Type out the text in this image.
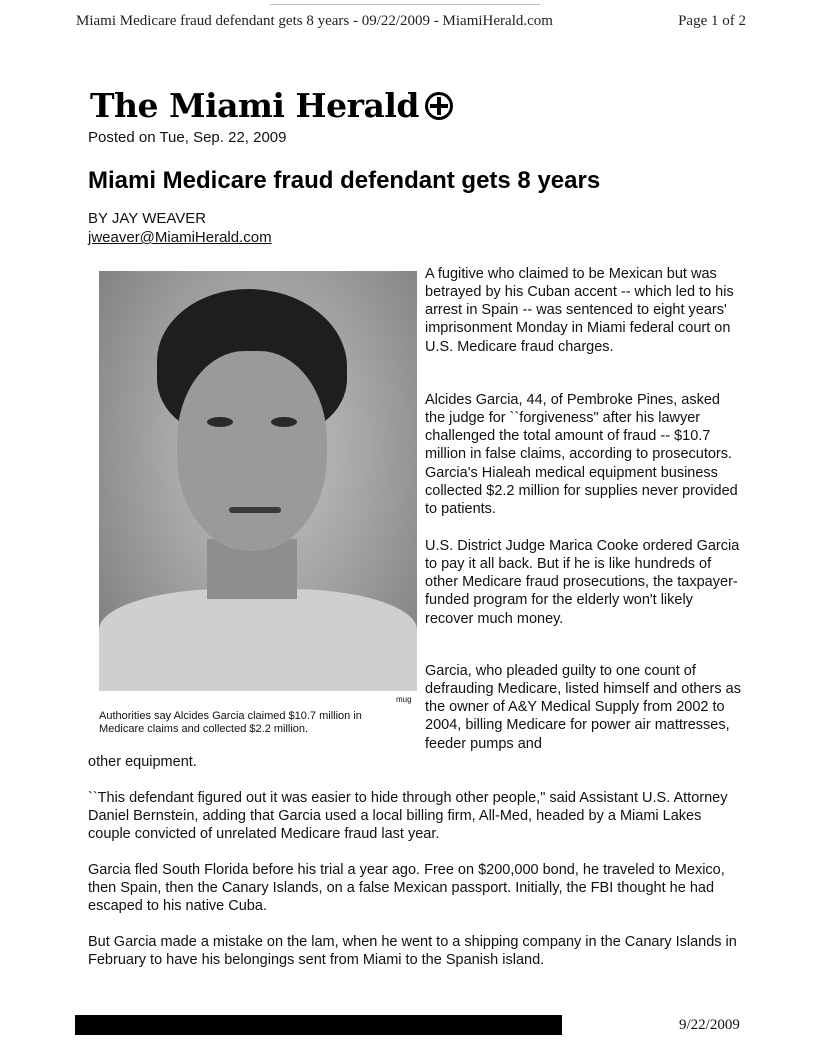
Miami Medicare fraud defendant gets 8 years - 09/22/2009 - MiamiHerald.com	Page 1 of 2
The Miami Herald
Posted on Tue, Sep. 22, 2009
Miami Medicare fraud defendant gets 8 years
BY JAY WEAVER
jweaver@MiamiHerald.com
mug
Authorities say Alcides Garcia claimed $10.7 million in Medicare claims and collected $2.2 million.

A fugitive who claimed to be Mexican but was betrayed by his Cuban accent -- which led to his arrest in Spain -- was sentenced to eight years' imprisonment Monday in Miami federal court on U.S. Medicare fraud charges.

Alcides Garcia, 44, of Pembroke Pines, asked the judge for ``forgiveness" after his lawyer challenged the total amount of fraud -- $10.7 million in false claims, according to prosecutors. Garcia's Hialeah medical equipment business collected $2.2 million for supplies never provided to patients.

U.S. District Judge Marica Cooke ordered Garcia to pay it all back. But if he is like hundreds of other Medicare fraud prosecutions, the taxpayer-funded program for the elderly won't likely recover much money.

Garcia, who pleaded guilty to one count of defrauding Medicare, listed himself and others as the owner of A&Y Medical Supply from 2002 to 2004, billing Medicare for power air mattresses, feeder pumps and

other equipment.

``This defendant figured out it was easier to hide through other people," said Assistant U.S. Attorney Daniel Bernstein, adding that Garcia used a local billing firm, All-Med, headed by a Miami Lakes couple convicted of unrelated Medicare fraud last year.

Garcia fled South Florida before his trial a year ago. Free on $200,000 bond, he traveled to Mexico, then Spain, then the Canary Islands, on a false Mexican passport. Initially, the FBI thought he had escaped to his native Cuba.

But Garcia made a mistake on the lam, when he went to a shipping company in the Canary Islands in February to have his belongings sent from Miami to the Spanish island.

9/22/2009
